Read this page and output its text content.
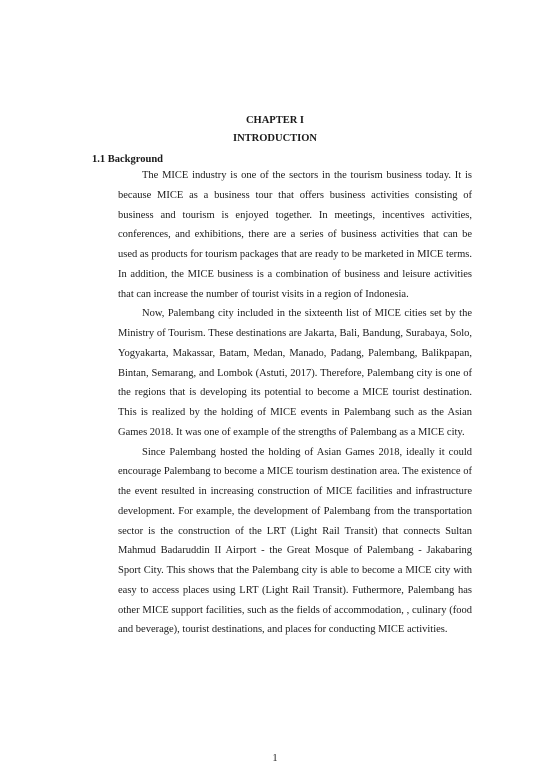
CHAPTER I
INTRODUCTION
1.1 Background

The MICE industry is one of the sectors in the tourism business today. It is because MICE as a business tour that offers business activities consisting of business and tourism is enjoyed together. In meetings, incentives activities, conferences, and exhibitions, there are a series of business activities that can be used as products for tourism packages that are ready to be marketed in MICE terms. In addition, the MICE business is a combination of business and leisure activities that can increase the number of tourist visits in a region of Indonesia.

Now, Palembang city included in the sixteenth list of MICE cities set by the Ministry of Tourism. These destinations are Jakarta, Bali, Bandung, Surabaya, Solo, Yogyakarta, Makassar, Batam, Medan, Manado, Padang, Palembang, Balikpapan, Bintan, Semarang, and Lombok (Astuti, 2017). Therefore, Palembang city is one of the regions that is developing its potential to become a MICE tourist destination. This is realized by the holding of MICE events in Palembang such as the Asian Games 2018. It was one of example of the strengths of Palembang as a MICE city.

Since Palembang hosted the holding of Asian Games 2018, ideally it could encourage Palembang to become a MICE tourism destination area. The existence of the event resulted in increasing construction of MICE facilities and infrastructure development. For example, the development of Palembang from the transportation sector is the construction of the LRT (Light Rail Transit) that connects Sultan Mahmud Badaruddin II Airport - the Great Mosque of Palembang - Jakabaring Sport City. This shows that the Palembang city is able to become a MICE city with easy to access places using LRT (Light Rail Transit). Futhermore, Palembang has other MICE support facilities, such as the fields of accommodation, , culinary (food and beverage), tourist destinations, and places for conducting MICE activities.

1
